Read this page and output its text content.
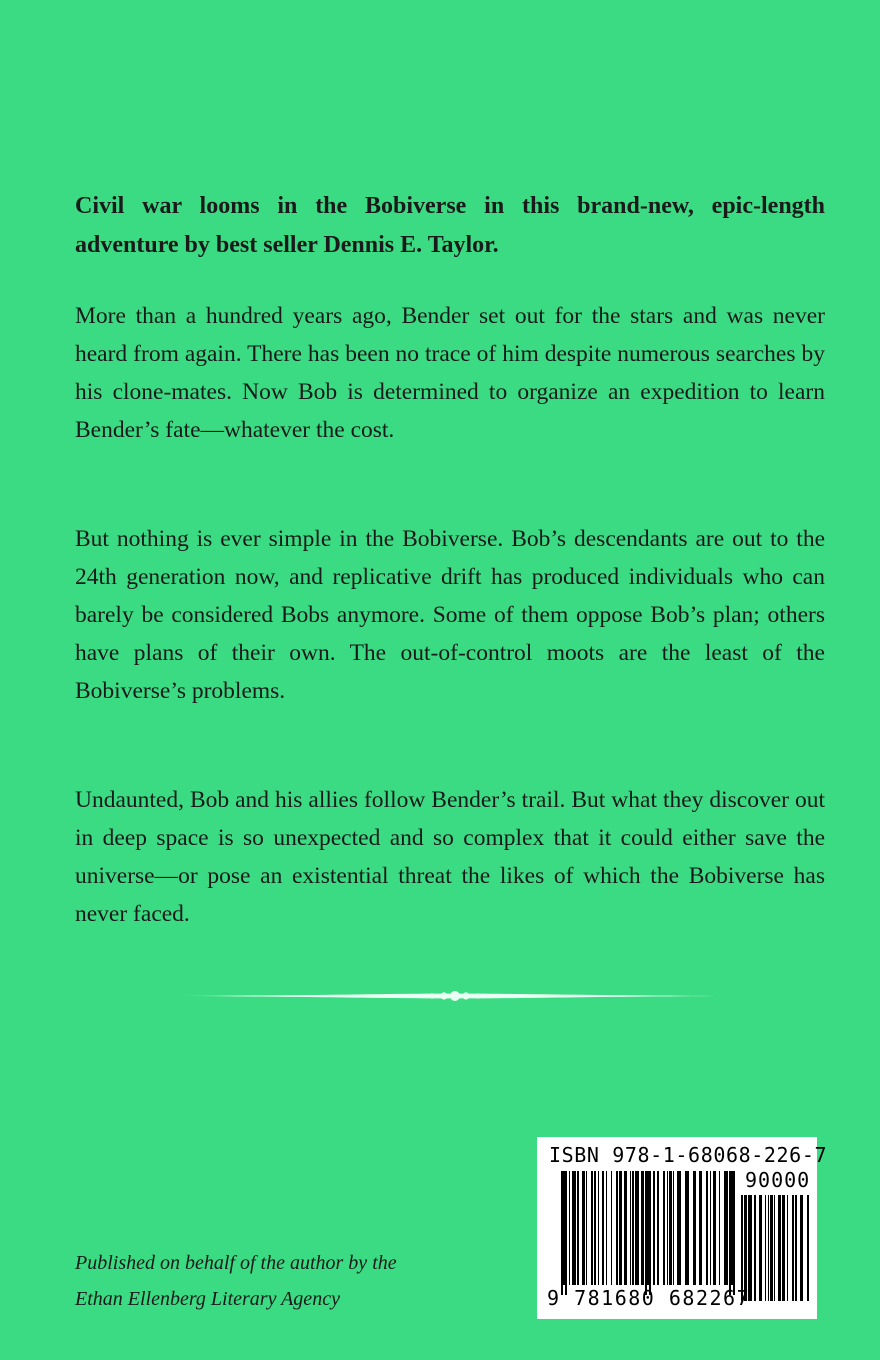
Civil war looms in the Bobiverse in this brand-new, epic-length adventure by best seller Dennis E. Taylor.

More than a hundred years ago, Bender set out for the stars and was never heard from again. There has been no trace of him despite numerous searches by his clone-mates. Now Bob is determined to organize an expedition to learn Bender’s fate—whatever the cost.

But nothing is ever simple in the Bobiverse. Bob’s descendants are out to the 24th generation now, and replicative drift has produced individuals who can barely be considered Bobs anymore. Some of them oppose Bob’s plan; others have plans of their own. The out-of-control moots are the least of the Bobiverse’s problems.

Undaunted, Bob and his allies follow Bender’s trail. But what they discover out in deep space is so unexpected and so complex that it could either save the universe—or pose an existential threat the likes of which the Bobiverse has never faced.

Published on behalf of the author by the
Ethan Ellenberg Literary Agency
ISBN 978-1-68068-226-7
90000
9 781680 682267
